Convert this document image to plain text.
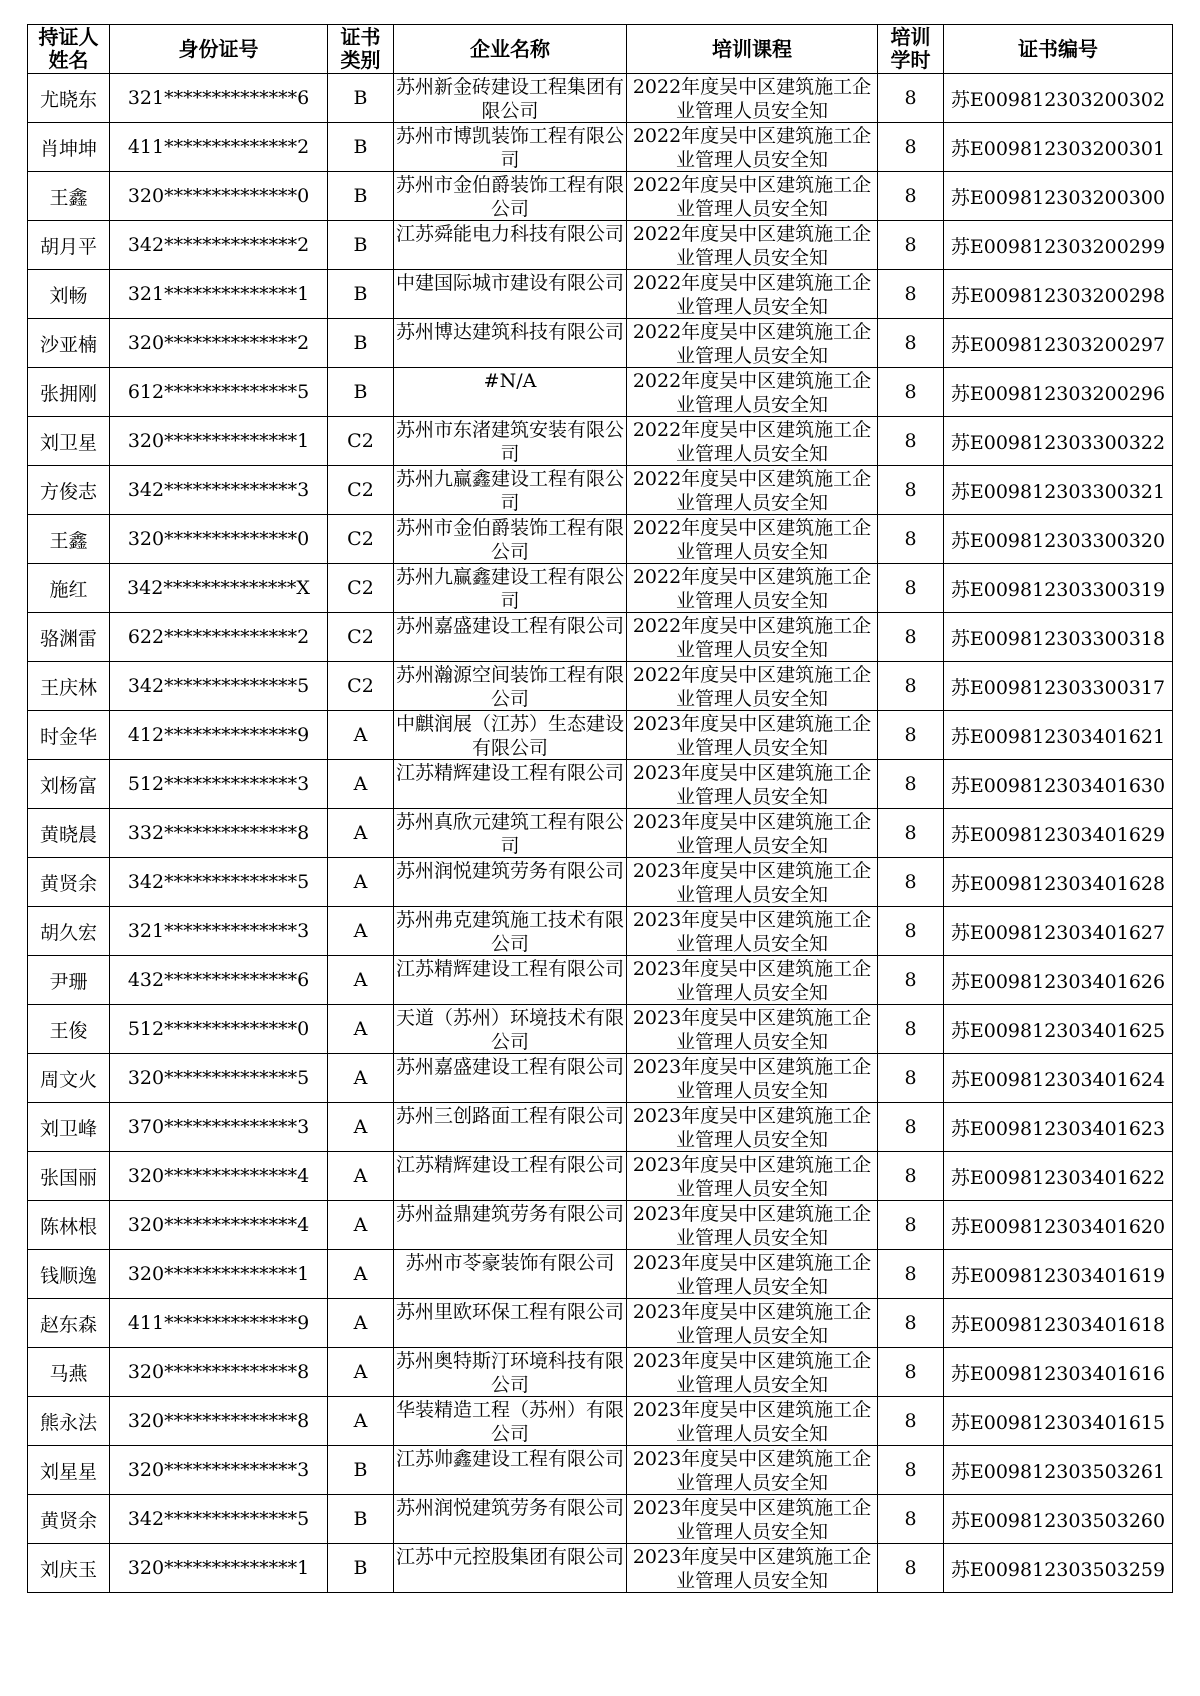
持证人姓名	身份证号	证书类别	企业名称	培训课程	培训学时	证书编号
尤晓东	321**************6	B	苏州新金砖建设工程集团有限公司	2022年度吴中区建筑施工企业管理人员安全知	8	苏E009812303200302
肖坤坤	411**************2	B	苏州市博凯装饰工程有限公司	2022年度吴中区建筑施工企业管理人员安全知	8	苏E009812303200301
王鑫	320**************0	B	苏州市金伯爵装饰工程有限公司	2022年度吴中区建筑施工企业管理人员安全知	8	苏E009812303200300
胡月平	342**************2	B	江苏舜能电力科技有限公司	2022年度吴中区建筑施工企业管理人员安全知	8	苏E009812303200299
刘畅	321**************1	B	中建国际城市建设有限公司	2022年度吴中区建筑施工企业管理人员安全知	8	苏E009812303200298
沙亚楠	320**************2	B	苏州博达建筑科技有限公司	2022年度吴中区建筑施工企业管理人员安全知	8	苏E009812303200297
张拥刚	612**************5	B	#N/A	2022年度吴中区建筑施工企业管理人员安全知	8	苏E009812303200296
刘卫星	320**************1	C2	苏州市东渚建筑安装有限公司	2022年度吴中区建筑施工企业管理人员安全知	8	苏E009812303300322
方俊志	342**************3	C2	苏州九赢鑫建设工程有限公司	2022年度吴中区建筑施工企业管理人员安全知	8	苏E009812303300321
王鑫	320**************0	C2	苏州市金伯爵装饰工程有限公司	2022年度吴中区建筑施工企业管理人员安全知	8	苏E009812303300320
施红	342**************X	C2	苏州九赢鑫建设工程有限公司	2022年度吴中区建筑施工企业管理人员安全知	8	苏E009812303300319
骆渊雷	622**************2	C2	苏州嘉盛建设工程有限公司	2022年度吴中区建筑施工企业管理人员安全知	8	苏E009812303300318
王庆林	342**************5	C2	苏州瀚源空间装饰工程有限公司	2022年度吴中区建筑施工企业管理人员安全知	8	苏E009812303300317
时金华	412**************9	A	中麒润展（江苏）生态建设有限公司	2023年度吴中区建筑施工企业管理人员安全知	8	苏E009812303401621
刘杨富	512**************3	A	江苏精辉建设工程有限公司	2023年度吴中区建筑施工企业管理人员安全知	8	苏E009812303401630
黄晓晨	332**************8	A	苏州真欣元建筑工程有限公司	2023年度吴中区建筑施工企业管理人员安全知	8	苏E009812303401629
黄贤余	342**************5	A	苏州润悦建筑劳务有限公司	2023年度吴中区建筑施工企业管理人员安全知	8	苏E009812303401628
胡久宏	321**************3	A	苏州弗克建筑施工技术有限公司	2023年度吴中区建筑施工企业管理人员安全知	8	苏E009812303401627
尹珊	432**************6	A	江苏精辉建设工程有限公司	2023年度吴中区建筑施工企业管理人员安全知	8	苏E009812303401626
王俊	512**************0	A	天道（苏州）环境技术有限公司	2023年度吴中区建筑施工企业管理人员安全知	8	苏E009812303401625
周文火	320**************5	A	苏州嘉盛建设工程有限公司	2023年度吴中区建筑施工企业管理人员安全知	8	苏E009812303401624
刘卫峰	370**************3	A	苏州三创路面工程有限公司	2023年度吴中区建筑施工企业管理人员安全知	8	苏E009812303401623
张国丽	320**************4	A	江苏精辉建设工程有限公司	2023年度吴中区建筑施工企业管理人员安全知	8	苏E009812303401622
陈林根	320**************4	A	苏州益鼎建筑劳务有限公司	2023年度吴中区建筑施工企业管理人员安全知	8	苏E009812303401620
钱顺逸	320**************1	A	苏州市苓豪装饰有限公司	2023年度吴中区建筑施工企业管理人员安全知	8	苏E009812303401619
赵东森	411**************9	A	苏州里欧环保工程有限公司	2023年度吴中区建筑施工企业管理人员安全知	8	苏E009812303401618
马燕	320**************8	A	苏州奥特斯汀环境科技有限公司	2023年度吴中区建筑施工企业管理人员安全知	8	苏E009812303401616
熊永法	320**************8	A	华装精造工程（苏州）有限公司	2023年度吴中区建筑施工企业管理人员安全知	8	苏E009812303401615
刘星星	320**************3	B	江苏帅鑫建设工程有限公司	2023年度吴中区建筑施工企业管理人员安全知	8	苏E009812303503261
黄贤余	342**************5	B	苏州润悦建筑劳务有限公司	2023年度吴中区建筑施工企业管理人员安全知	8	苏E009812303503260
刘庆玉	320**************1	B	江苏中元控股集团有限公司	2023年度吴中区建筑施工企业管理人员安全知	8	苏E009812303503259
